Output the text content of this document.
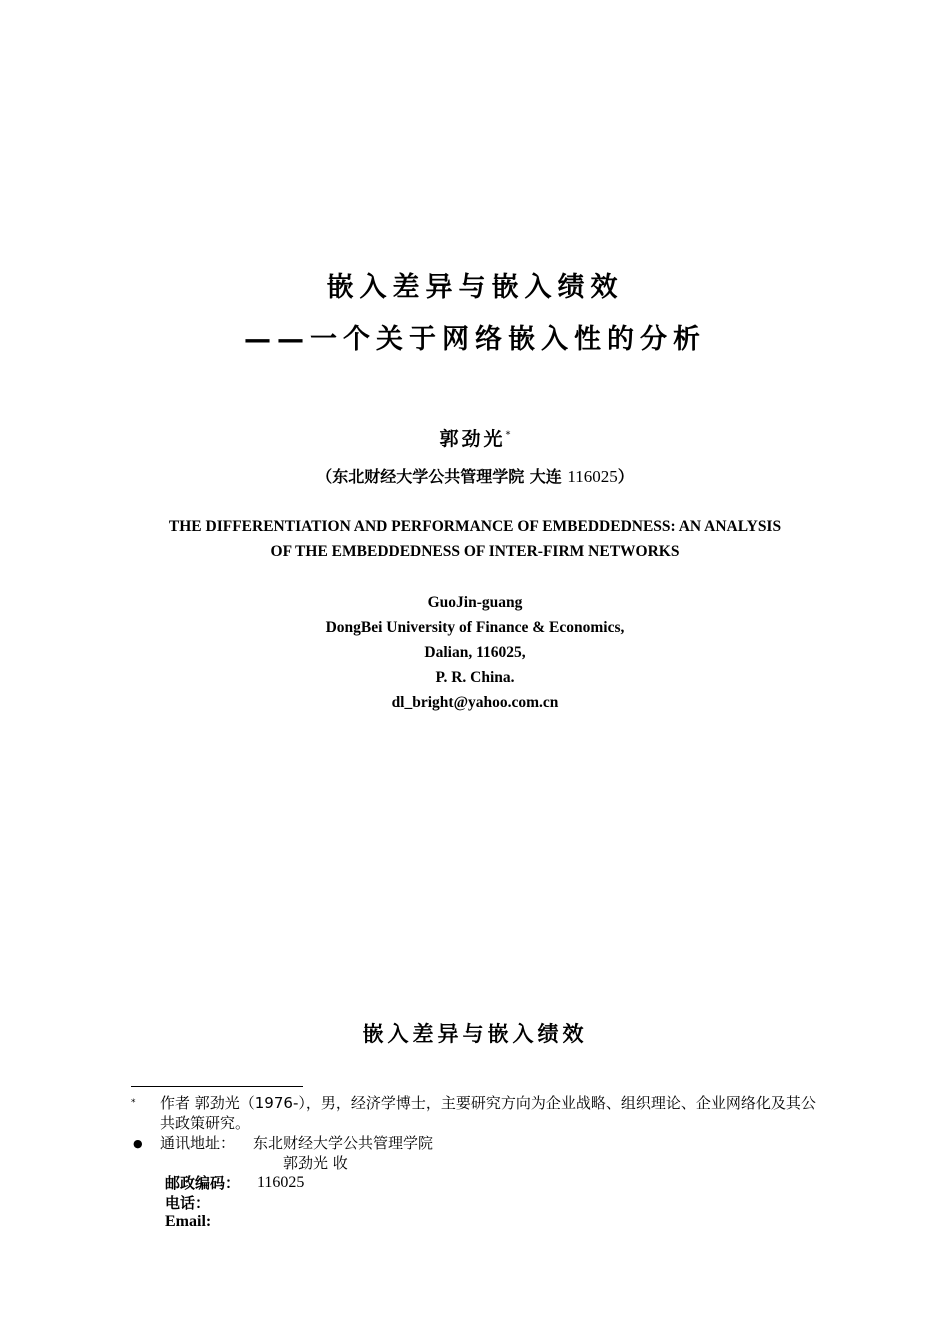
嵌入差异与嵌入绩效
——一个关于网络嵌入性的分析
郭劲光*
（东北财经大学公共管理学院 大连 116025）
THE DIFFERENTIATION AND PERFORMANCE OF EMBEDDEDNESS: AN ANALYSIS
OF THE EMBEDDEDNESS OF INTER-FIRM NETWORKS
GuoJin-guang
DongBei University of Finance & Economics,
Dalian, 116025,
P. R. China.
dl_bright@yahoo.com.cn
嵌入差异与嵌入绩效
* 作者 郭劲光（1976-），男，经济学博士，主要研究方向为企业战略、组织理论、企业网络化及其公共政策研究。
● 通讯地址： 东北财经大学公共管理学院
郭劲光 收
邮政编码： 116025
电话：
Email:
